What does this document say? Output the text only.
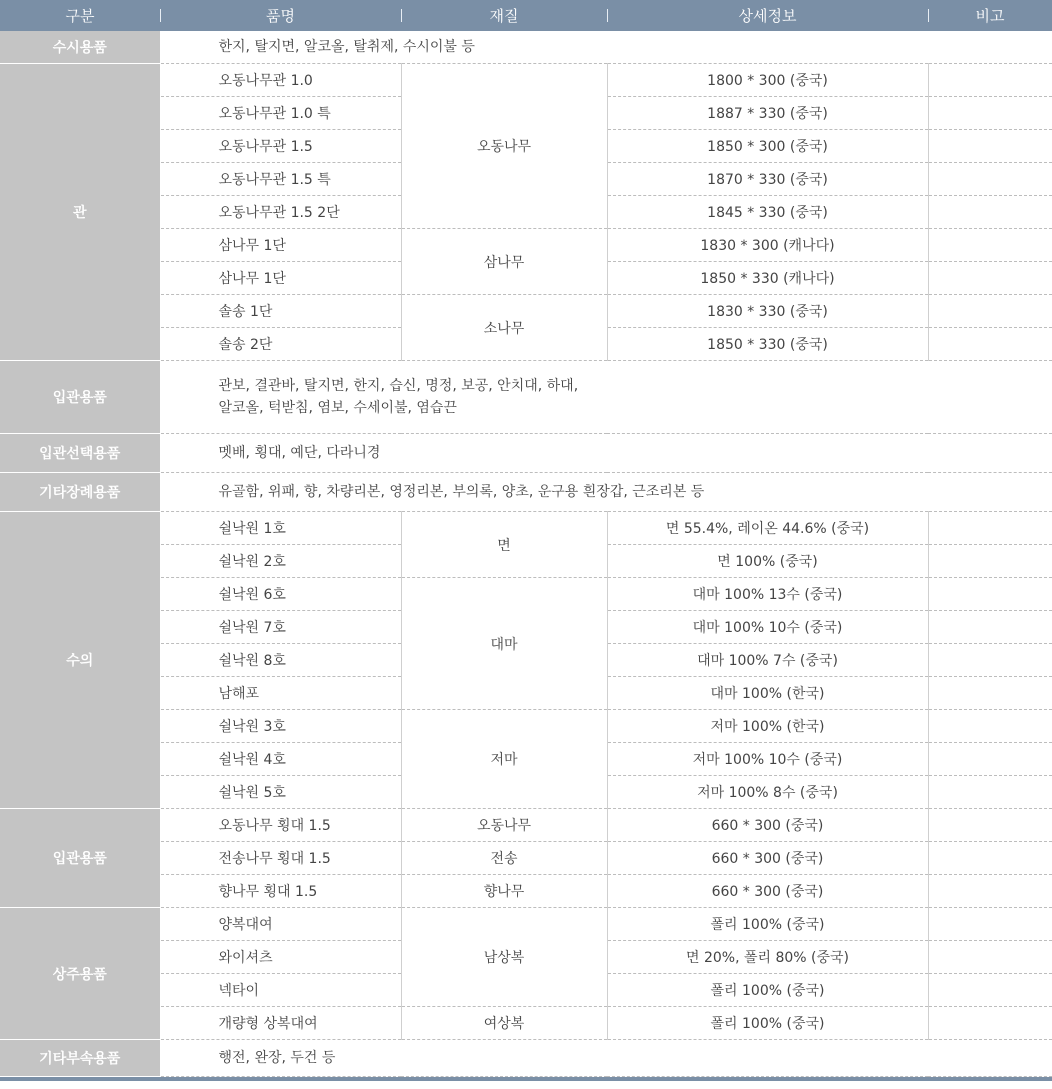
구분	품명	재질	상세정보	비고
수시용품	한지, 탈지면, 알코올, 탈취제, 수시이불 등			
관	오동나무관 1.0	오동나무	1800 * 300 (중국)	
	오동나무관 1.0 특		1887 * 330 (중국)	
	오동나무관 1.5		1850 * 300 (중국)	
	오동나무관 1.5 특		1870 * 330 (중국)	
	오동나무관 1.5 2단		1845 * 330 (중국)	
	삼나무 1단	삼나무	1830 * 300 (캐나다)	
	삼나무 1단		1850 * 330 (캐나다)	
	솔송 1단	소나무	1830 * 330 (중국)	
	솔송 2단		1850 * 330 (중국)	
입관용품	관보, 결관바, 탈지면, 한지, 습신, 명정, 보공, 안치대, 하대,
알코올, 턱받침, 염보, 수세이불, 염습끈			

입관선택용품	멧배, 횡대, 예단, 다라니경			
기타장례용품	유골함, 위패, 향, 차량리본, 영정리본, 부의록, 양초, 운구용 흰장갑, 근조리본 등			
수의	쉴낙원 1호	면	면 55.4%, 레이온 44.6% (중국)	
	쉴낙원 2호		면 100% (중국)	
	쉴낙원 6호	대마	대마 100% 13수 (중국)	
	쉴낙원 7호		대마 100% 10수 (중국)	
	쉴낙원 8호		대마 100% 7수 (중국)	
	남해포		대마 100% (한국)	
	쉴낙원 3호	저마	저마 100% (한국)	
	쉴낙원 4호		저마 100% 10수 (중국)	
	쉴낙원 5호		저마 100% 8수 (중국)	
입관용품	오동나무 횡대 1.5	오동나무	660 * 300 (중국)	
	전송나무 횡대 1.5	전송	660 * 300 (중국)	
	향나무 횡대 1.5	향나무	660 * 300 (중국)	
상주용품	양복대여	남상복	폴리 100% (중국)	
	와이셔츠		면 20%, 폴리 80% (중국)	
	넥타이		폴리 100% (중국)	
	개량형 상복대여	여상복	폴리 100% (중국)	
기타부속용품	행전, 완장, 두건 등			
